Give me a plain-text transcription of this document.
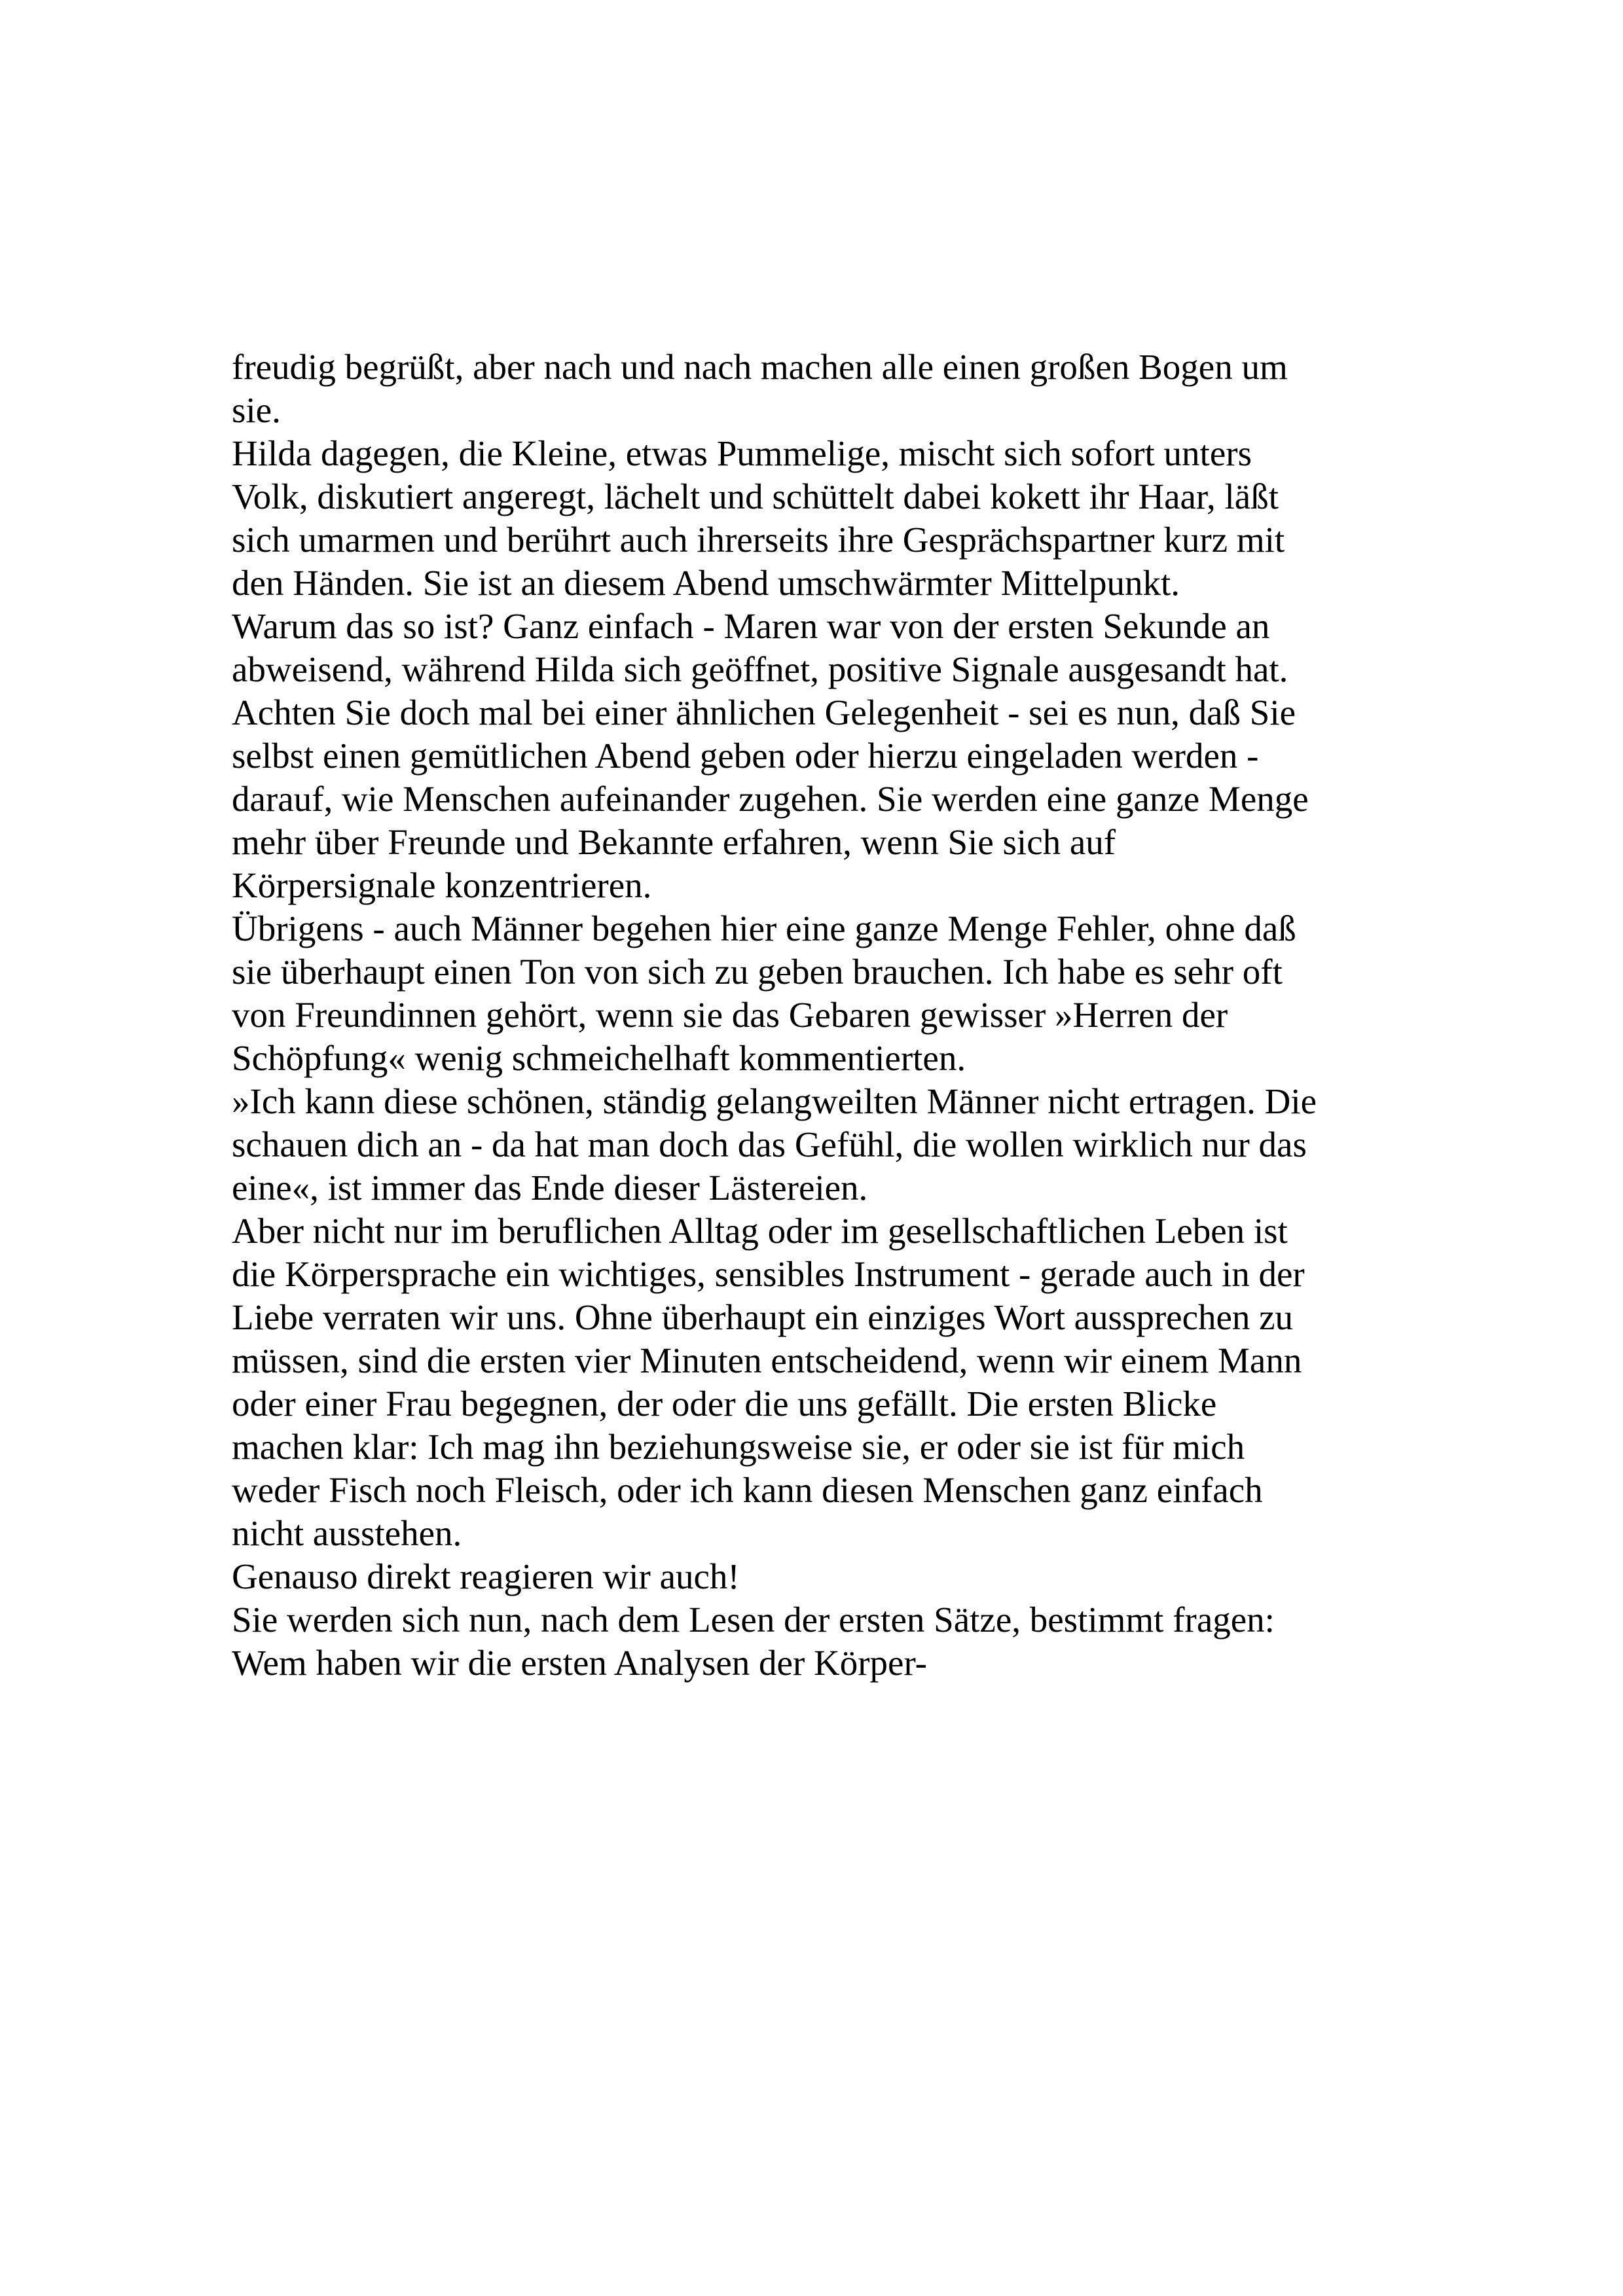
freudig begrüßt, aber nach und nach machen alle einen großen Bogen um
sie.
Hilda dagegen, die Kleine, etwas Pummelige, mischt sich sofort unters
Volk, diskutiert angeregt, lächelt und schüttelt dabei kokett ihr Haar, läßt
sich umarmen und berührt auch ihrerseits ihre Gesprächspartner kurz mit
den Händen. Sie ist an diesem Abend umschwärmter Mittelpunkt.
Warum das so ist? Ganz einfach - Maren war von der ersten Sekunde an
abweisend, während Hilda sich geöffnet, positive Signale ausgesandt hat.
Achten Sie doch mal bei einer ähnlichen Gelegenheit - sei es nun, daß Sie
selbst einen gemütlichen Abend geben oder hierzu eingeladen werden -
darauf, wie Menschen aufeinander zugehen. Sie werden eine ganze Menge
mehr über Freunde und Bekannte erfahren, wenn Sie sich auf
Körpersignale konzentrieren.
Übrigens - auch Männer begehen hier eine ganze Menge Fehler, ohne daß
sie überhaupt einen Ton von sich zu geben brauchen. Ich habe es sehr oft
von Freundinnen gehört, wenn sie das Gebaren gewisser »Herren der
Schöpfung« wenig schmeichelhaft kommentierten.
»Ich kann diese schönen, ständig gelangweilten Männer nicht ertragen. Die
schauen dich an - da hat man doch das Gefühl, die wollen wirklich nur das
eine«, ist immer das Ende dieser Lästereien.
Aber nicht nur im beruflichen Alltag oder im gesellschaftlichen Leben ist
die Körpersprache ein wichtiges, sensibles Instrument - gerade auch in der
Liebe verraten wir uns. Ohne überhaupt ein einziges Wort aussprechen zu
müssen, sind die ersten vier Minuten entscheidend, wenn wir einem Mann
oder einer Frau begegnen, der oder die uns gefällt. Die ersten Blicke
machen klar: Ich mag ihn beziehungsweise sie, er oder sie ist für mich
weder Fisch noch Fleisch, oder ich kann diesen Menschen ganz einfach
nicht ausstehen.
Genauso direkt reagieren wir auch!
Sie werden sich nun, nach dem Lesen der ersten Sätze, bestimmt fragen:
Wem haben wir die ersten Analysen der Körper-
